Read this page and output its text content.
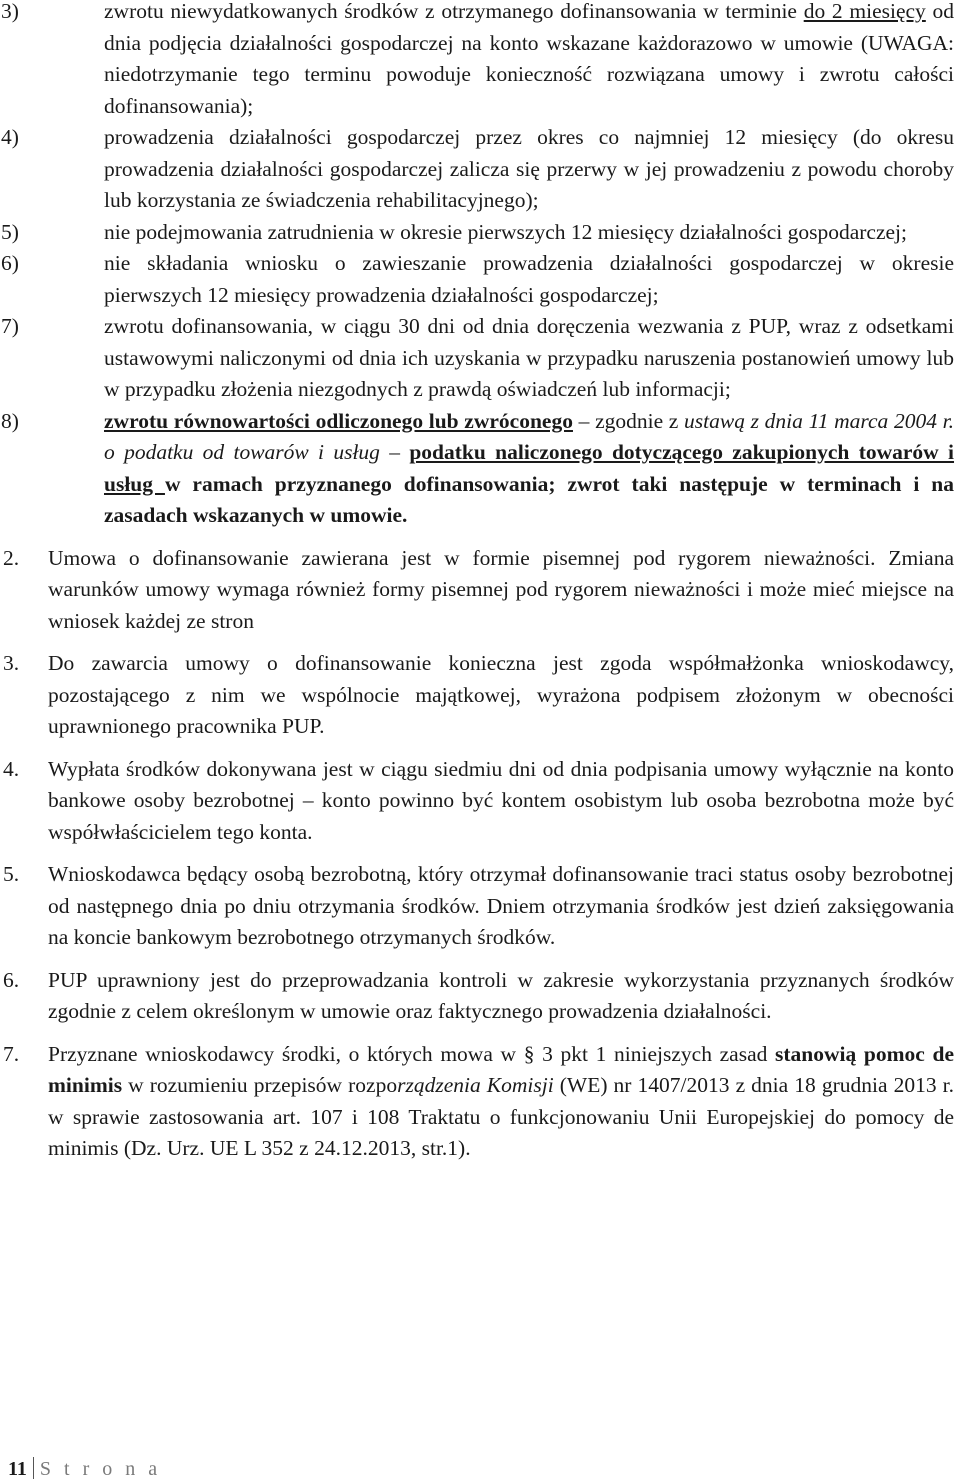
3)	zwrotu niewydatkowanych środków z otrzymanego dofinansowania w terminie do 2 miesięcy od dnia podjęcia działalności gospodarczej na konto wskazane każdorazowo w umowie (UWAGA: niedotrzymanie tego terminu powoduje konieczność rozwiązana umowy i zwrotu całości dofinansowania);

4)	prowadzenia działalności gospodarczej przez okres co najmniej 12 miesięcy (do okresu prowadzenia działalności gospodarczej zalicza się przerwy w jej prowadzeniu z powodu choroby lub korzystania ze świadczenia rehabilitacyjnego);

5)	nie podejmowania zatrudnienia w okresie pierwszych 12 miesięcy działalności gospodarczej;

6)	nie składania wniosku o zawieszanie prowadzenia działalności gospodarczej w okresie pierwszych 12 miesięcy prowadzenia działalności gospodarczej;

7)	zwrotu dofinansowania, w ciągu 30 dni od dnia doręczenia wezwania z PUP, wraz z odsetkami ustawowymi naliczonymi od dnia ich uzyskania w przypadku naruszenia postanowień umowy lub w przypadku złożenia niezgodnych z prawdą oświadczeń lub informacji;

8)	zwrotu równowartości odliczonego lub zwróconego – zgodnie z ustawą z dnia 11 marca 2004 r. o podatku od towarów i usług – podatku naliczonego dotyczącego zakupionych towarów i usług w ramach przyznanego dofinansowania; zwrot taki następuje w terminach i na zasadach wskazanych w umowie.

2. Umowa o dofinansowanie zawierana jest w formie pisemnej pod rygorem nieważności. Zmiana warunków umowy wymaga również formy pisemnej pod rygorem nieważności i może mieć miejsce na wniosek każdej ze stron

3. Do zawarcia umowy o dofinansowanie konieczna jest zgoda współmałżonka wnioskodawcy, pozostającego z nim we wspólnocie majątkowej, wyrażona podpisem złożonym w obecności uprawnionego pracownika PUP.

4. Wypłata środków dokonywana jest w ciągu siedmiu dni od dnia podpisania umowy wyłącznie na konto bankowe osoby bezrobotnej – konto powinno być kontem osobistym lub osoba bezrobotna może być współwłaścicielem tego konta.

5. Wnioskodawca będący osobą bezrobotną, który otrzymał dofinansowanie traci status osoby bezrobotnej od następnego dnia po dniu otrzymania środków. Dniem otrzymania środków jest dzień zaksięgowania na koncie bankowym bezrobotnego otrzymanych środków.

6. PUP uprawniony jest do przeprowadzania kontroli w zakresie wykorzystania przyznanych środków zgodnie z celem określonym w umowie oraz faktycznego prowadzenia działalności.

7. Przyznane wnioskodawcy środki, o których mowa w § 3 pkt 1 niniejszych zasad stanowią pomoc de minimis w rozumieniu przepisów rozporządzenia Komisji (WE) nr 1407/2013 z dnia 18 grudnia 2013 r. w sprawie zastosowania art. 107 i 108 Traktatu o funkcjonowaniu Unii Europejskiej do pomocy de minimis (Dz. Urz. UE L 352 z 24.12.2013, str.1).

11 S t r o n a
